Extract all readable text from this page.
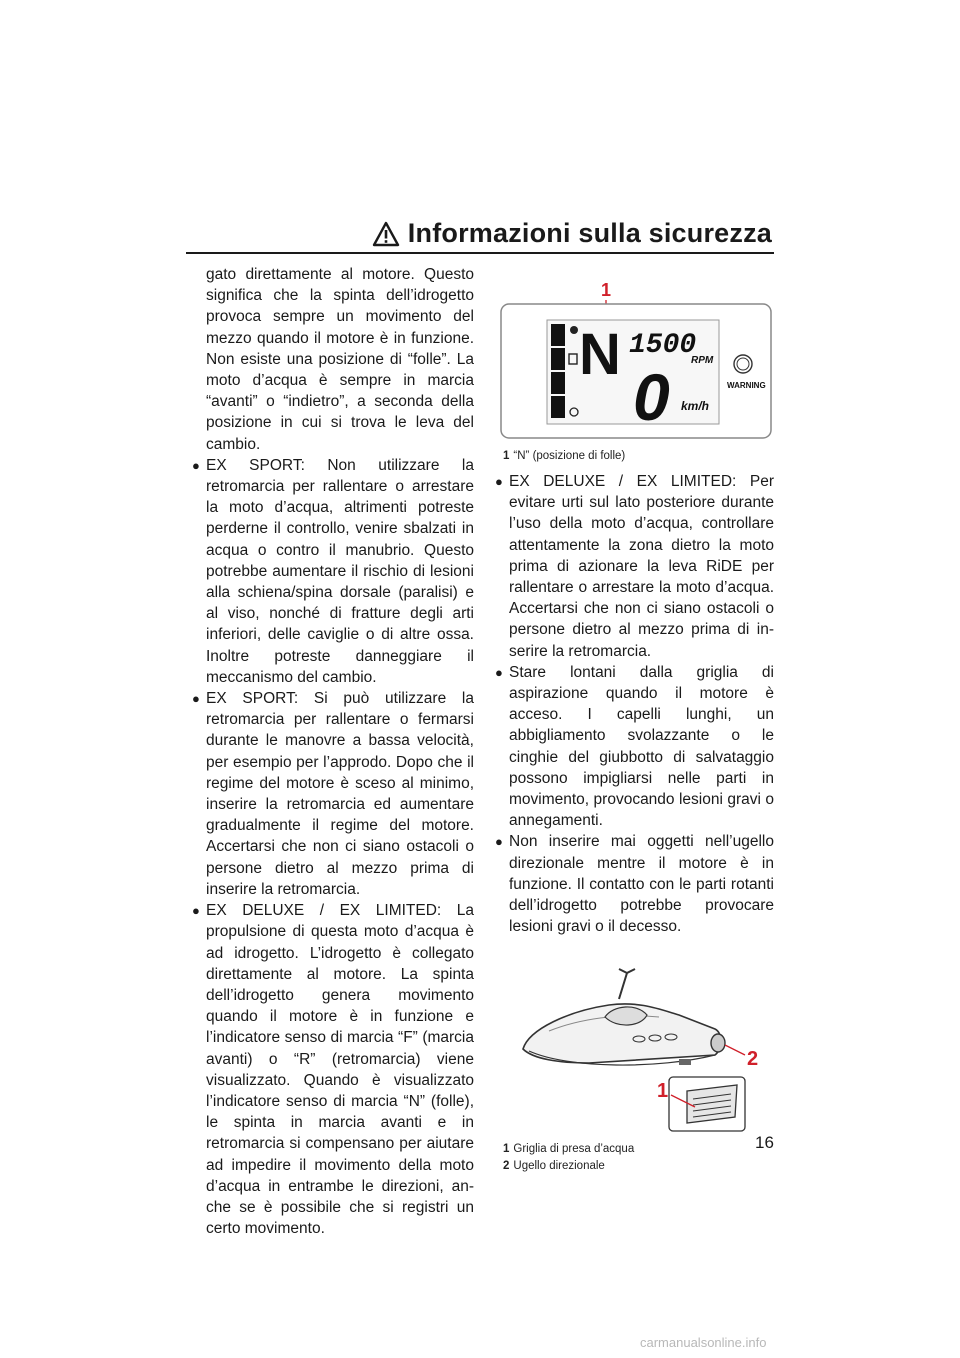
Informazioni sulla sicurezza

gato direttamente al motore. Questo significa che la spinta dell’idrogetto provoca sempre un movimento del mezzo quando il motore è in funzione. Non esiste una posizione di “folle”. La moto d’acqua è sempre in marcia “avanti” o “indietro”, a seconda della posizione in cui si trova le leva del cambio.

● EX SPORT: Non utilizzare la retromarcia per rallentare o arrestare la moto d’acqua, altrimenti potreste perderne il controllo, venire sbalzati in acqua o contro il manubrio. Questo potrebbe aumentare il rischio di lesioni alla schiena/spina dorsale (paralisi) e al viso, nonché di fratture degli arti inferiori, delle caviglie o di altre ossa. Inoltre potreste danneggiare il meccanismo del cambio.
● EX SPORT: Si può utilizzare la retromarcia per rallentare o fermarsi durante le manovre a bassa velocità, per esempio per l’approdo. Dopo che il regime del motore è sceso al minimo, inserire la retromarcia ed aumentare gradualmente il regime del motore. Accertarsi che non ci siano ostacoli o persone dietro al mezzo prima di inserire la retromarcia.
● EX DELUXE / EX LIMITED: La propulsione di questa moto d’acqua è ad idrogetto. L’idrogetto è collegato direttamente al motore. La spinta dell’idrogetto genera movimento quando il motore è in funzione e l’indicatore senso di marcia “F” (marcia avanti) o “R” (retromarcia) viene visualizzato. Quando è visualizzato l’indicatore senso di marcia “N” (folle), le spinta in marcia avanti e in retromarcia si compensano per aiutare ad impedire il movimento della moto d’acqua in entrambe le direzioni, anche se è possibile che si registri un certo movimento.
1
N 1500
RPM
0 km/h
WARNING
1 “N” (posizione di folle)
● EX DELUXE / EX LIMITED: Per evitare urti sul lato posteriore durante l’uso della moto d’acqua, controllare attentamente la zona dietro la moto prima di azionare la leva RiDE per rallentare o arrestare la moto d’acqua. Accertarsi che non ci siano ostacoli o persone dietro al mezzo prima di inserire la retromarcia.
● Stare lontani dalla griglia di aspirazione quando il motore è acceso. I capelli lunghi, un abbigliamento svolazzante o le cinghie del giubbotto di salvataggio possono impigliarsi nelle parti in movimento, provocando lesioni gravi o annegamenti.
● Non inserire mai oggetti nell’ugello direzionale mentre il motore è in funzione. Il contatto con le parti rotanti dell’idrogetto potrebbe provocare lesioni gravi o il decesso.
2
1
1 Griglia di presa d’acqua
2 Ugello direzionale
16
carmanualsonline.info
